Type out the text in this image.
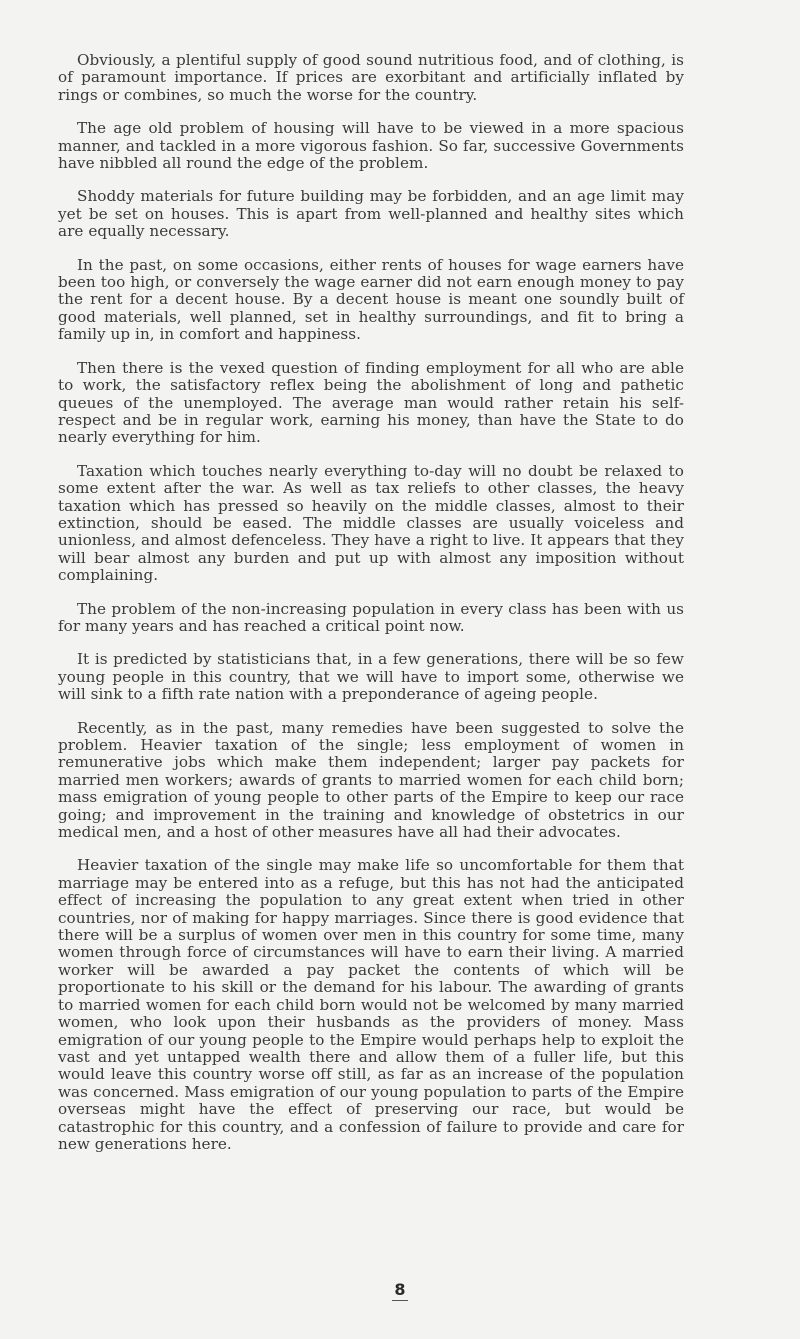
Obviously, a plentiful supply of good sound nutritious food, and of clothing, is of paramount importance. If prices are exorbitant and artificially inflated by rings or combines, so much the worse for the country.

The age old problem of housing will have to be viewed in a more spacious manner, and tackled in a more vigorous fashion. So far, successive Governments have nibbled all round the edge of the problem.

Shoddy materials for future building may be forbidden, and an age limit may yet be set on houses. This is apart from well-planned and healthy sites which are equally necessary.

In the past, on some occasions, either rents of houses for wage earners have been too high, or conversely the wage earner did not earn enough money to pay the rent for a decent house. By a decent house is meant one soundly built of good materials, well planned, set in healthy surroundings, and fit to bring a family up in, in comfort and happiness.

Then there is the vexed question of finding employment for all who are able to work, the satisfactory reflex being the abolishment of long and pathetic queues of the unemployed. The average man would rather retain his self-respect and be in regular work, earning his money, than have the State to do nearly everything for him.

Taxation which touches nearly everything to-day will no doubt be relaxed to some extent after the war. As well as tax reliefs to other classes, the heavy taxation which has pressed so heavily on the middle classes, almost to their extinction, should be eased. The middle classes are usually voiceless and unionless, and almost defenceless. They have a right to live. It appears that they will bear almost any burden and put up with almost any imposition without complaining.

The problem of the non-increasing population in every class has been with us for many years and has reached a critical point now.

It is predicted by statisticians that, in a few generations, there will be so few young people in this country, that we will have to import some, otherwise we will sink to a fifth rate nation with a preponderance of ageing people.

Recently, as in the past, many remedies have been suggested to solve the problem. Heavier taxation of the single; less employment of women in remunerative jobs which make them independent; larger pay packets for married men workers; awards of grants to married women for each child born; mass emigration of young people to other parts of the Empire to keep our race going; and improvement in the training and knowledge of obstetrics in our medical men, and a host of other measures have all had their advocates.

Heavier taxation of the single may make life so uncomfortable for them that marriage may be entered into as a refuge, but this has not had the anticipated effect of increasing the population to any great extent when tried in other countries, nor of making for happy marriages. Since there is good evidence that there will be a surplus of women over men in this country for some time, many women through force of circumstances will have to earn their living. A married worker will be awarded a pay packet the contents of which will be proportionate to his skill or the demand for his labour. The awarding of grants to married women for each child born would not be welcomed by many married women, who look upon their husbands as the providers of money. Mass emigration of our young people to the Empire would perhaps help to exploit the vast and yet untapped wealth there and allow them of a fuller life, but this would leave this country worse off still, as far as an increase of the population was concerned. Mass emigration of our young population to parts of the Empire overseas might have the effect of preserving our race, but would be catastrophic for this country, and a confession of failure to provide and care for new generations here.

8
